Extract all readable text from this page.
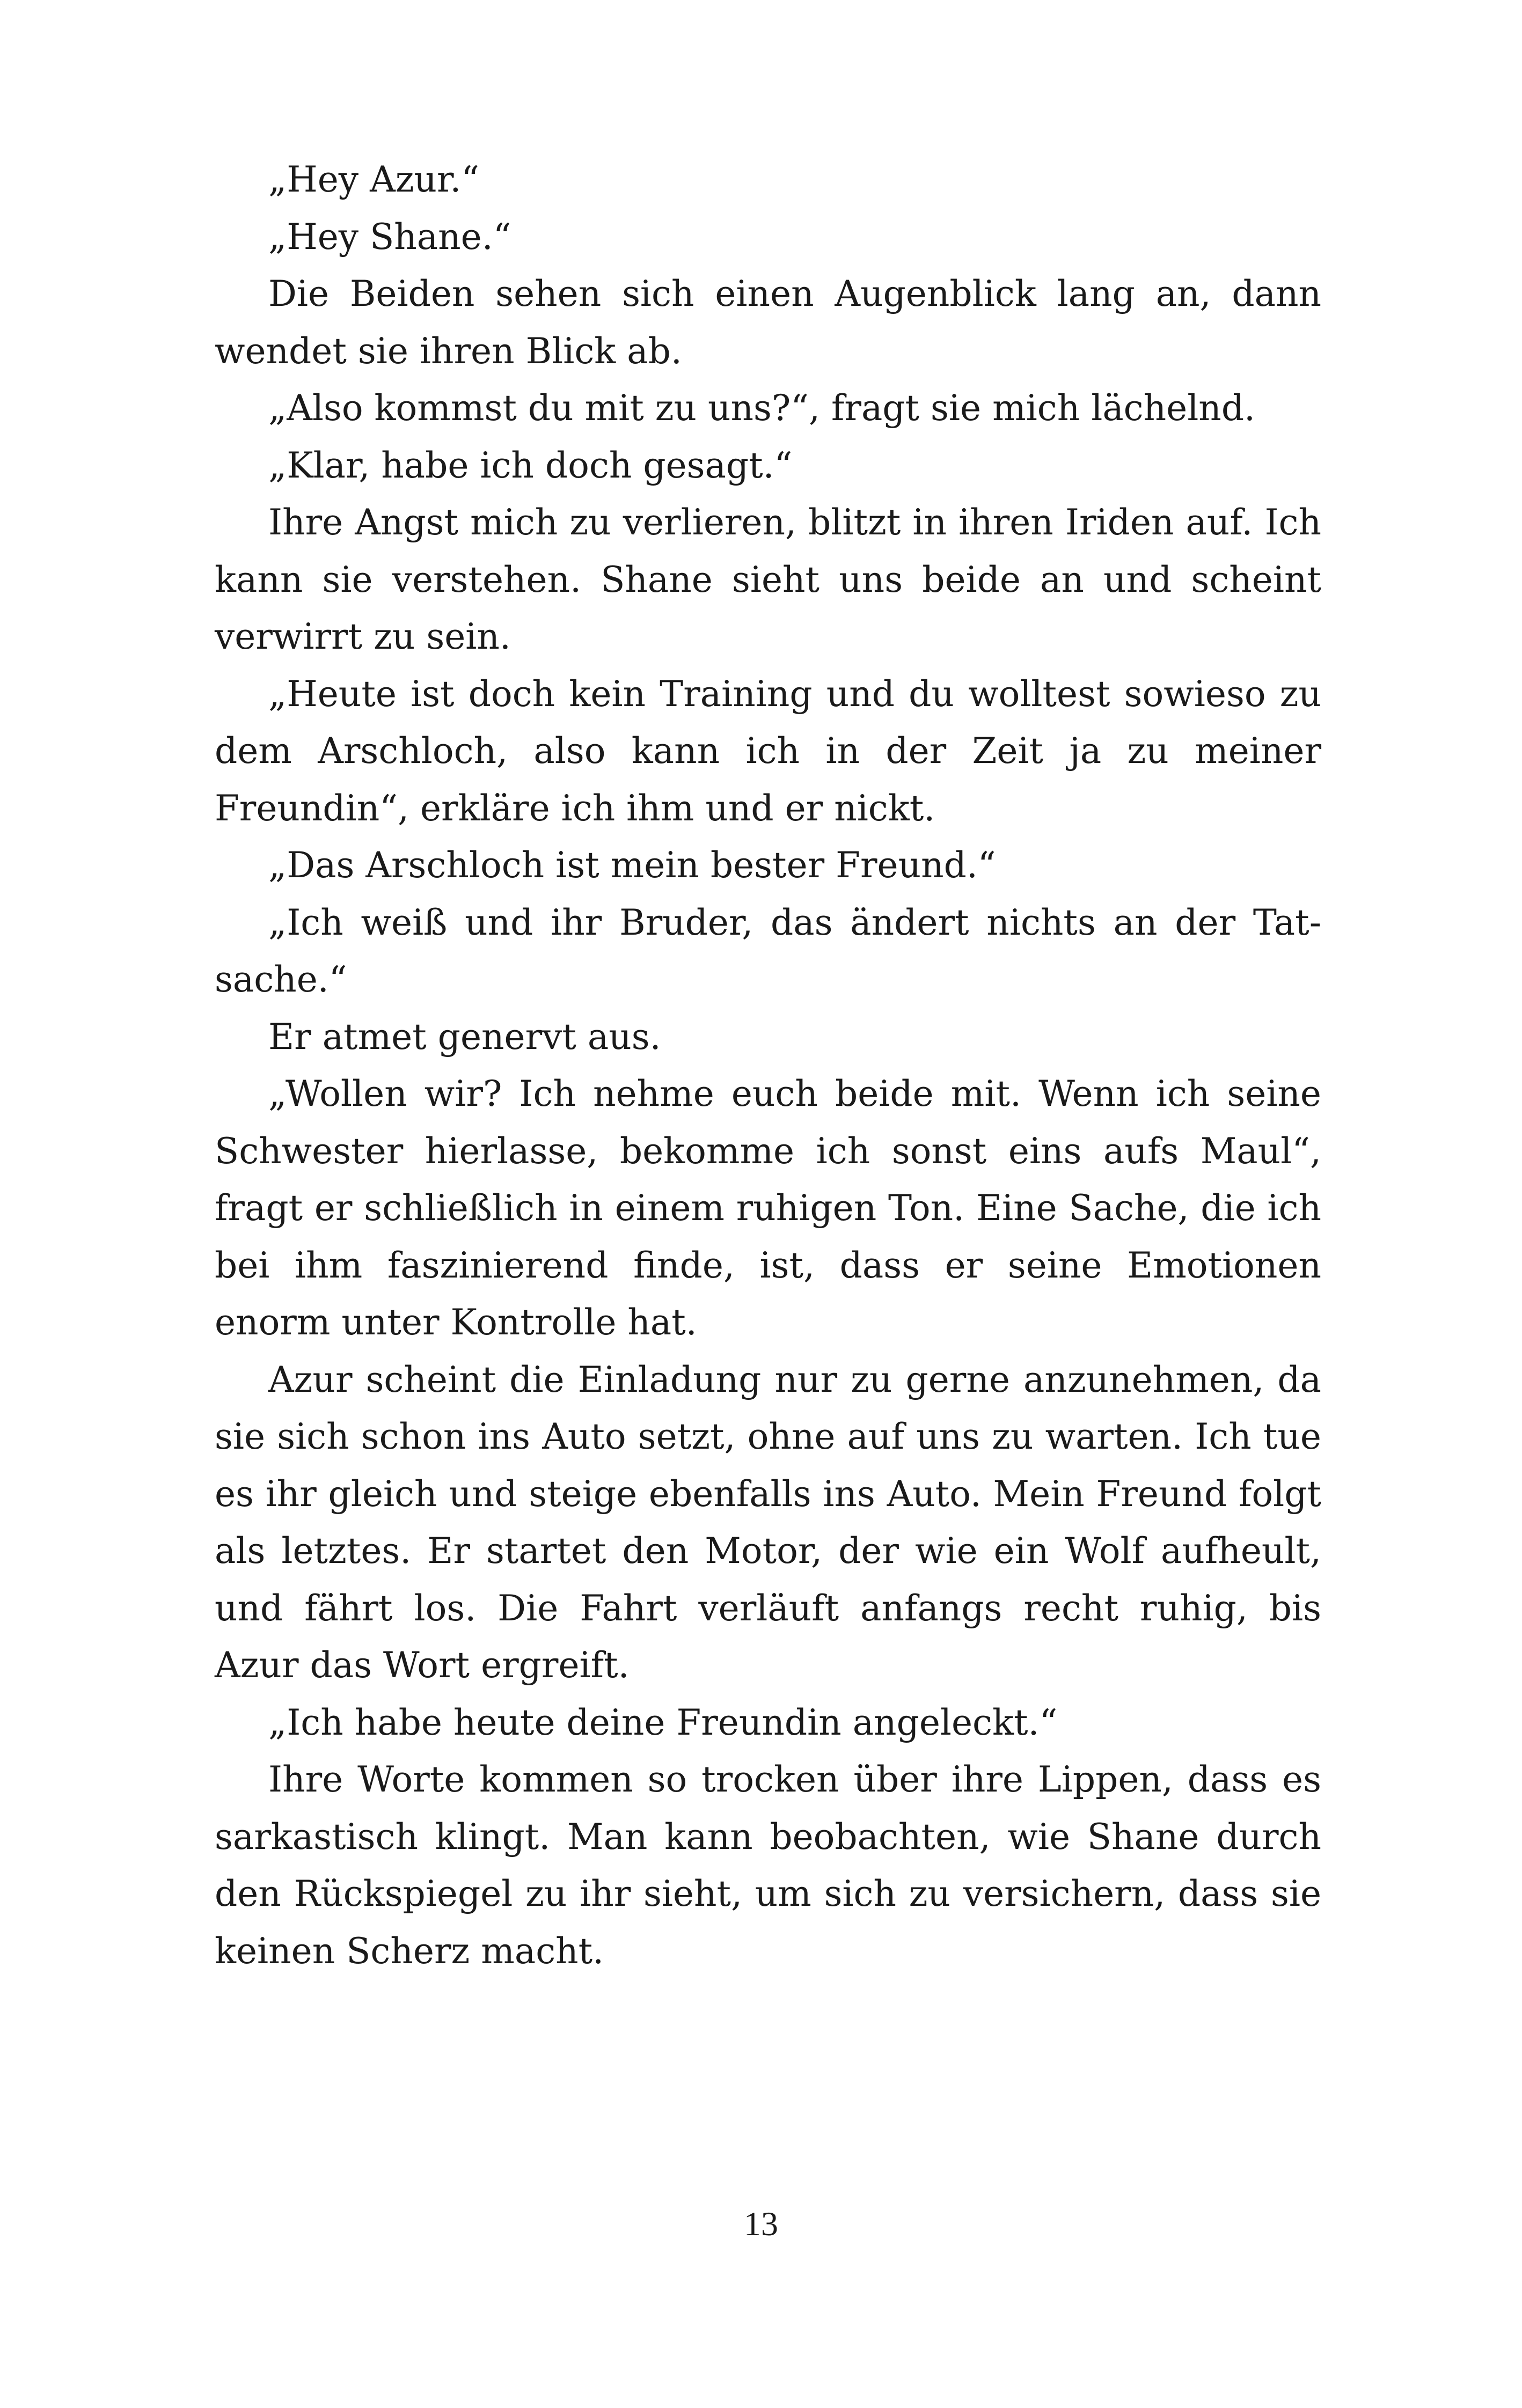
„Hey Azur.“

„Hey Shane.“

Die Beiden sehen sich einen Augenblick lang an, dann wendet sie ihren Blick ab.

„Also kommst du mit zu uns?“, fragt sie mich lächelnd.

„Klar, habe ich doch gesagt.“

Ihre Angst mich zu verlieren, blitzt in ihren Iriden auf. Ich kann sie verstehen. Shane sieht uns beide an und scheint verwirrt zu sein.

„Heute ist doch kein Training und du wolltest sowieso zu dem Arschloch, also kann ich in der Zeit ja zu meiner Freundin“, erkläre ich ihm und er nickt.

„Das Arschloch ist mein bester Freund.“

„Ich weiß und ihr Bruder, das ändert nichts an der Tatsache.“

Er atmet genervt aus.

„Wollen wir? Ich nehme euch beide mit. Wenn ich seine Schwester hierlasse, bekomme ich sonst eins aufs Maul“, fragt er schließlich in einem ruhigen Ton. Eine Sache, die ich bei ihm faszinierend finde, ist, dass er seine Emotionen enorm unter Kontrolle hat.

Azur scheint die Einladung nur zu gerne anzunehmen, da sie sich schon ins Auto setzt, ohne auf uns zu warten. Ich tue es ihr gleich und steige ebenfalls ins Auto. Mein Freund folgt als letztes. Er startet den Motor, der wie ein Wolf aufheult, und fährt los. Die Fahrt verläuft anfangs recht ruhig, bis Azur das Wort ergreift.

„Ich habe heute deine Freundin angeleckt.“

Ihre Worte kommen so trocken über ihre Lippen, dass es sarkastisch klingt. Man kann beobachten, wie Shane durch den Rückspiegel zu ihr sieht, um sich zu versichern, dass sie keinen Scherz macht.

13
